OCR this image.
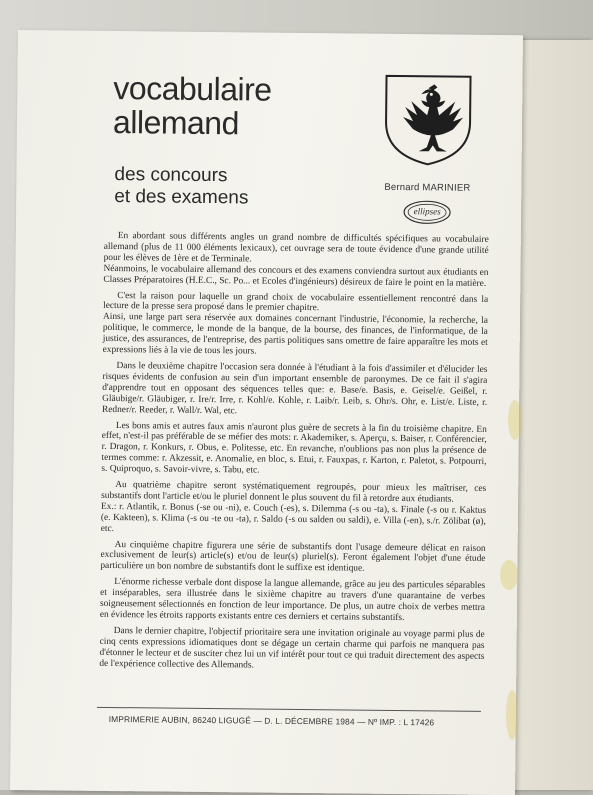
vocabulaire
allemand
des concours
et des examens	Bernard MARINIER
ellipses

En abordant sous différents angles un grand nombre de difficultés spécifiques au vocabulaire allemand (plus de 11 000 éléments lexicaux), cet ouvrage sera de toute évidence d'une grande utilité pour les élèves de 1ère et de Terminale.

Néanmoins, le vocabulaire allemand des concours et des examens conviendra surtout aux étudiants en Classes Préparatoires (H.E.C., Sc. Po... et Ecoles d'ingénieurs) désireux de faire le point en la matière.

C'est la raison pour laquelle un grand choix de vocabulaire essentiellement rencontré dans la lecture de la presse sera proposé dans le premier chapitre.

Ainsi, une large part sera réservée aux domaines concernant l'industrie, l'économie, la recherche, la politique, le commerce, le monde de la banque, de la bourse, des finances, de l'informatique, de la justice, des assurances, de l'entreprise, des partis politiques sans omettre de faire apparaître les mots et expressions liés à la vie de tous les jours.

Dans le deuxième chapitre l'occasion sera donnée à l'étudiant à la fois d'assimiler et d'élucider les risques évidents de confusion au sein d'un important ensemble de paronymes. De ce fait il s'agira d'apprendre tout en opposant des séquences telles que: e. Base/e. Basis, e. Geisel/e. Geißel, r. Gläubige/r. Gläubiger, r. Ire/r. Irre, r. Kohl/e. Kohle, r. Laib/r. Leib, s. Ohr/s. Ohr, e. List/e. Liste, r. Redner/r. Reeder, r. Wall/r. Wal, etc.

Les bons amis et autres faux amis n'auront plus guère de secrets à la fin du troisième chapitre. En effet, n'est-il pas préférable de se méfier des mots: r. Akademiker, s. Aperçu, s. Baiser, r. Conférencier, r. Dragon, r. Konkurs, r. Obus, e. Politesse, etc. En revanche, n'oublions pas non plus la présence de termes comme: r. Akzessit, e. Anomalie, en bloc, s. Etui, r. Fauxpas, r. Karton, r. Paletot, s. Potpourri, s. Quiproquo, s. Savoir-vivre, s. Tabu, etc.

Au quatrième chapitre seront systématiquement regroupés, pour mieux les maîtriser, ces substantifs dont l'article et/ou le pluriel donnent le plus souvent du fil à retordre aux étudiants.

Ex.: r. Atlantik, r. Bonus (-se ou -ni), e. Couch (-es), s. Dilemma (-s ou -ta), s. Finale (-s ou r. Kaktus (e. Kakteen), s. Klima (-s ou -te ou -ta), r. Saldo (-s ou salden ou saldi), e. Villa (-en), s./r. Zölibat (ø), etc.

Au cinquième chapitre figurera une série de substantifs dont l'usage demeure délicat en raison exclusivement de leur(s) article(s) et/ou de leur(s) pluriel(s). Feront également l'objet d'une étude particulière un bon nombre de substantifs dont le suffixe est identique.

L'énorme richesse verbale dont dispose la langue allemande, grâce au jeu des particules séparables et inséparables, sera illustrée dans le sixième chapitre au travers d'une quarantaine de verbes soigneusement sélectionnés en fonction de leur importance. De plus, un autre choix de verbes mettra en évidence les étroits rapports existants entre ces derniers et certains substantifs.

Dans le dernier chapitre, l'objectif prioritaire sera une invitation originale au voyage parmi plus de cinq cents expressions idiomatiques dont se dégage un certain charme qui parfois ne manquera pas d'étonner le lecteur et de susciter chez lui un vif intérêt pour tout ce qui traduit directement des aspects de l'expérience collective des Allemands.

IMPRIMERIE AUBIN, 86240 LIGUGÉ — D. L. DÉCEMBRE 1984 — Nº IMP. : L 17426
